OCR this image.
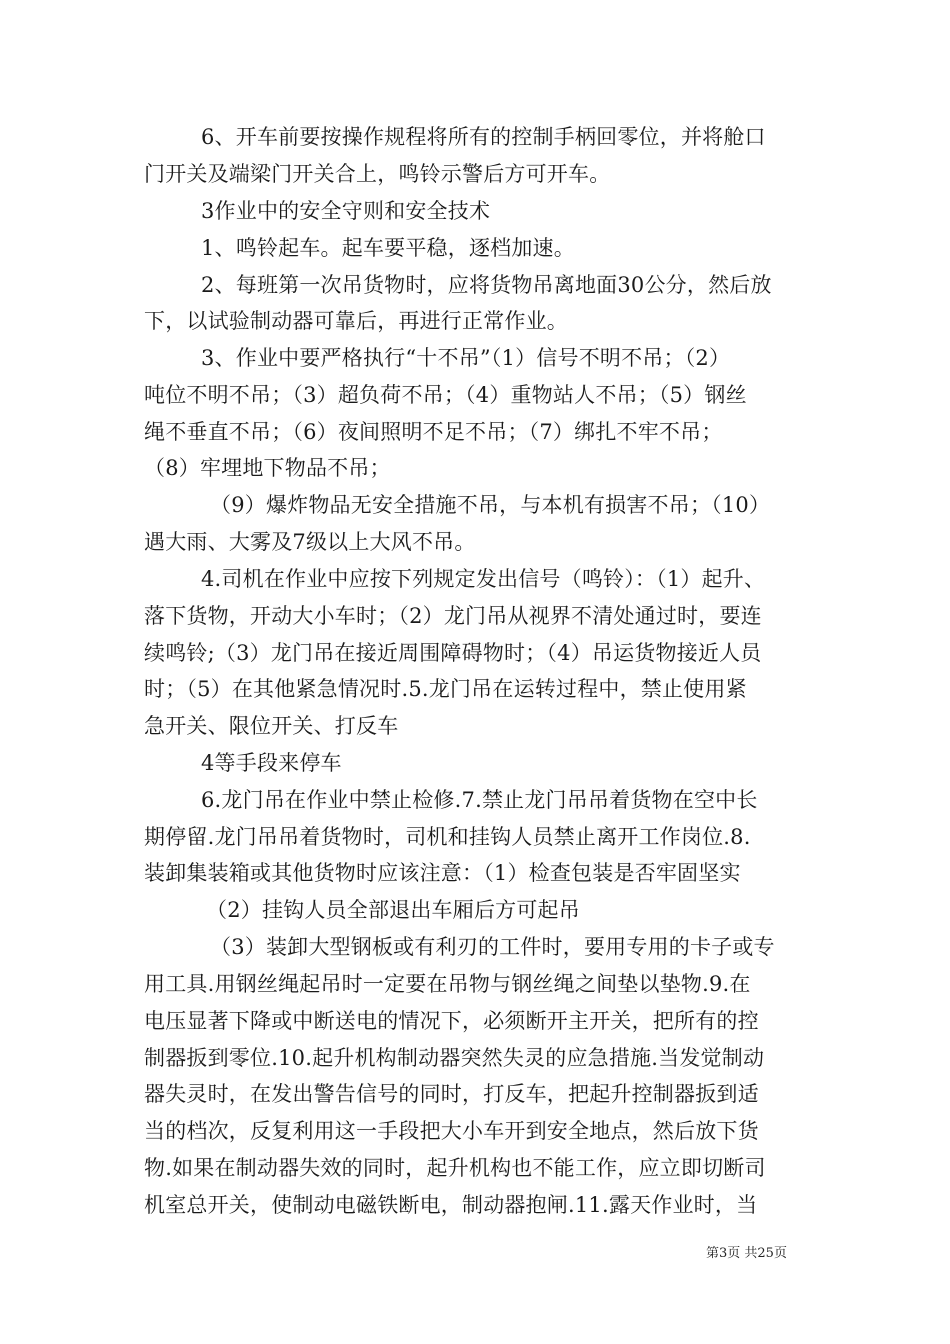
6、开车前要按操作规程将所有的控制手柄回零位，并将舱口
门开关及端梁门开关合上，鸣铃示警后方可开车。
3作业中的安全守则和安全技术
1、鸣铃起车。起车要平稳，逐档加速。
2、每班第一次吊货物时，应将货物吊离地面30公分，然后放
下，以试验制动器可靠后，再进行正常作业。
3、作业中要严格执行“十不吊”（1）信号不明不吊；（2）
吨位不明不吊；（3）超负荷不吊；（4）重物站人不吊；（5）钢丝
绳不垂直不吊；（6）夜间照明不足不吊；（7）绑扎不牢不吊；
（8）牢埋地下物品不吊；
（9）爆炸物品无安全措施不吊，与本机有损害不吊；（10）
遇大雨、大雾及7级以上大风不吊。
4.司机在作业中应按下列规定发出信号（鸣铃）：（1）起升、
落下货物，开动大小车时；（2）龙门吊从视界不清处通过时，要连
续鸣铃;（3）龙门吊在接近周围障碍物时；（4）吊运货物接近人员
时；（5）在其他紧急情况时.5.龙门吊在运转过程中，禁止使用紧
急开关、限位开关、打反车
4等手段来停车
6.龙门吊在作业中禁止检修.7.禁止龙门吊吊着货物在空中长
期停留.龙门吊吊着货物时，司机和挂钩人员禁止离开工作岗位.8.
装卸集装箱或其他货物时应该注意：（1）检查包装是否牢固坚实
（2）挂钩人员全部退出车厢后方可起吊
（3）装卸大型钢板或有利刃的工件时，要用专用的卡子或专
用工具.用钢丝绳起吊时一定要在吊物与钢丝绳之间垫以垫物.9.在
电压显著下降或中断送电的情况下，必须断开主开关，把所有的控
制器扳到零位.10.起升机构制动器突然失灵的应急措施.当发觉制动
器失灵时，在发出警告信号的同时，打反车，把起升控制器扳到适
当的档次，反复利用这一手段把大小车开到安全地点，然后放下货
物.如果在制动器失效的同时，起升机构也不能工作，应立即切断司
机室总开关，使制动电磁铁断电，制动器抱闸.11.露天作业时，当
第3页 共25页
